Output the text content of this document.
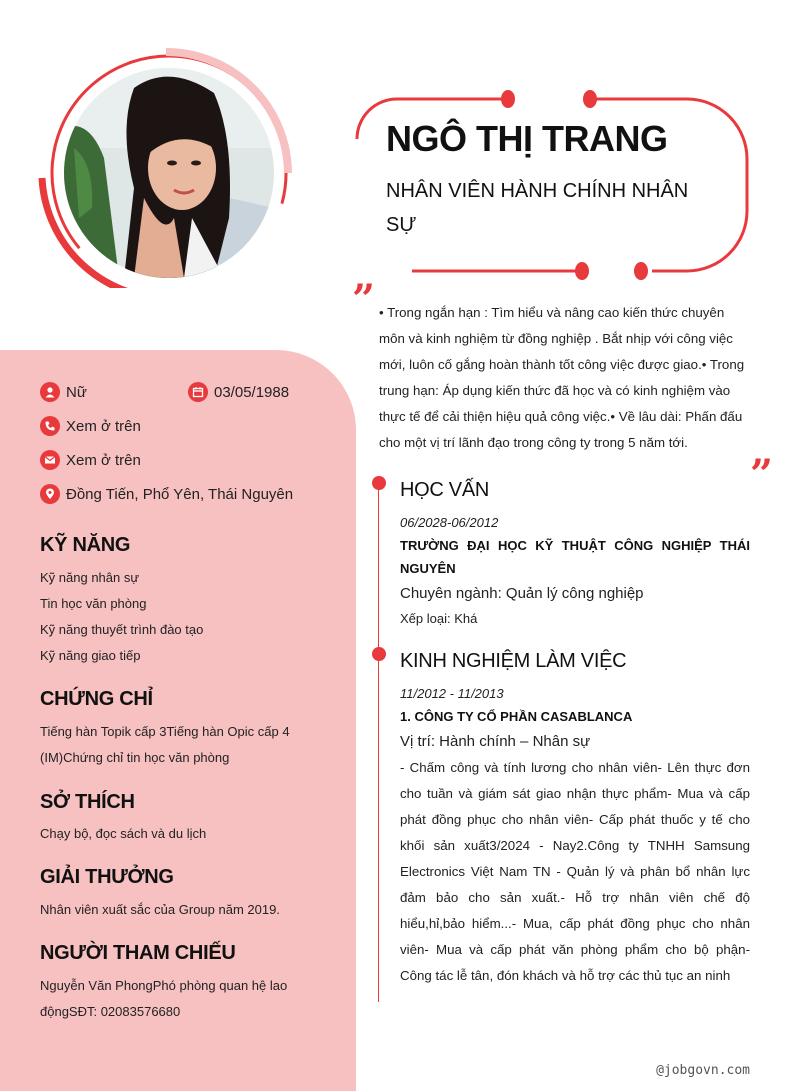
NGÔ THỊ TRANG
NHÂN VIÊN HÀNH CHÍNH NHÂN SỰ
” • Trong ngắn hạn : Tìm hiểu và nâng cao kiến thức chuyên môn và kinh nghiệm từ đồng nghiệp . Bắt nhịp với công việc mới, luôn cố gắng hoàn thành tốt công việc được giao.• Trong trung hạn: Áp dụng kiến thức đã học và có kinh nghiệm vào thực tế để cải thiện hiệu quả công việc.• Về lâu dài: Phấn đấu cho một vị trí lãnh đạo trong công ty trong 5 năm tới.
”
Nữ	03/05/1988
Xem ở trên
Xem ở trên
Đồng Tiến, Phổ Yên, Thái Nguyên
KỸ NĂNG
Kỹ năng nhân sự
Tin học văn phòng
Kỹ năng thuyết trình đào tạo
Kỹ năng giao tiếp
CHỨNG CHỈ
Tiếng hàn Topik cấp 3Tiếng hàn Opic cấp 4 (IM)Chứng chỉ tin học văn phòng
SỞ THÍCH
Chạy bộ, đọc sách và du lịch
GIẢI THƯỞNG
Nhân viên xuất sắc của Group năm 2019.
NGƯỜI THAM CHIẾU
Nguyễn Văn PhongPhó phòng quan hệ lao độngSĐT: 02083576680
HỌC VẤN
06/2028-06/2012
TRƯỜNG ĐẠI HỌC KỸ THUẬT CÔNG NGHIỆP THÁI NGUYÊN
Chuyên ngành: Quản lý công nghiệp
Xếp loại: Khá
KINH NGHIỆM LÀM VIỆC
11/2012 - 11/2013
1. CÔNG TY CỔ PHẦN CASABLANCA
Vị trí: Hành chính – Nhân sự
- Chấm công và tính lương cho nhân viên- Lên thực đơn cho tuần và giám sát giao nhận thực phẩm- Mua và cấp phát đồng phục cho nhân viên- Cấp phát thuốc y tế cho khối sản xuất3/2024 - Nay2.Công ty TNHH Samsung Electronics Việt Nam TN - Quản lý và phân bổ nhân lực đảm bảo cho sản xuất.- Hỗ trợ nhân viên chế độ hiểu,hỉ,bảo hiểm...- Mua, cấp phát đồng phục cho nhân viên- Mua và cấp phát văn phòng phẩm cho bộ phận- Công tác lễ tân, đón khách và hỗ trợ các thủ tục an ninh
@jobgovn.com
